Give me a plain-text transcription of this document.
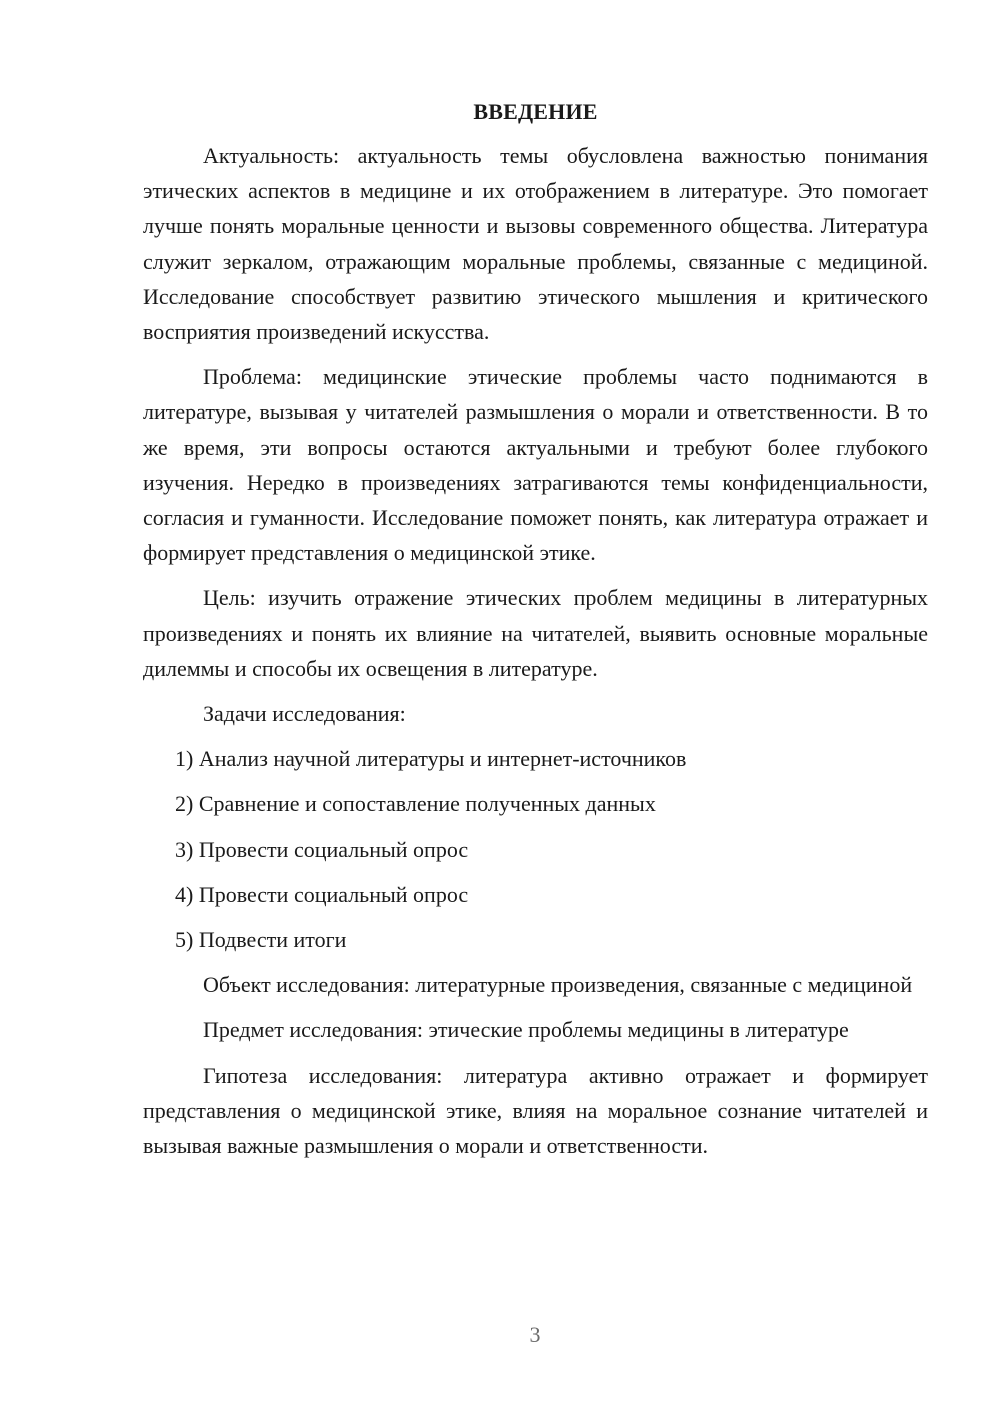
ВВЕДЕНИЕ

Актуальность: актуальность темы обусловлена важностью понимания этических аспектов в медицине и их отображением в литературе. Это помогает лучше понять моральные ценности и вызовы современного общества. Литература служит зеркалом, отражающим моральные проблемы, связанные с медициной. Исследование способствует развитию этического мышления и критического восприятия произведений искусства.

Проблема: медицинские этические проблемы часто поднимаются в литературе, вызывая у читателей размышления о морали и ответственности. В то же время, эти вопросы остаются актуальными и требуют более глубокого изучения. Нередко в произведениях затрагиваются темы конфиденциальности, согласия и гуманности. Исследование поможет понять, как литература отражает и формирует представления о медицинской этике.

Цель: изучить отражение этических проблем медицины в литературных произведениях и понять их влияние на читателей, выявить основные моральные дилеммы и способы их освещения в литературе.

Задачи исследования:
1) Анализ научной литературы и интернет-источников
2) Сравнение и сопоставление полученных данных
3) Провести социальный опрос
4) Провести социальный опрос
5) Подвести итоги

Объект исследования: литературные произведения, связанные с медициной

Предмет исследования: этические проблемы медицины в литературе

Гипотеза исследования: литература активно отражает и формирует представления о медицинской этике, влияя на моральное сознание читателей и вызывая важные размышления о морали и ответственности.

3
